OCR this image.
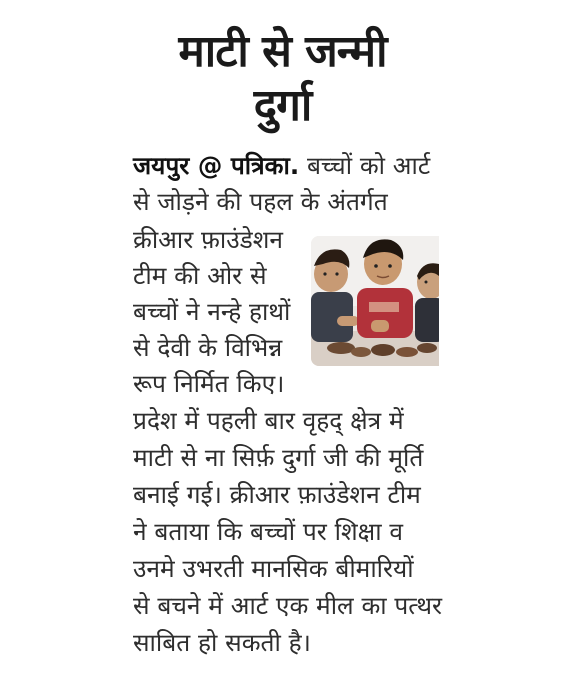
माटी से जन्मी
दुर्गा
जयपुर @ पत्रिका. बच्चों को आर्ट
से जोड़ने की पहल के अंतर्गत
क्रीआर फ़ाउंडेशन
टीम की ओर से
बच्चों ने नन्हे हाथों
से देवी के विभिन्न
रूप निर्मित किए।
प्रदेश में पहली बार वृहद् क्षेत्र में
माटी से ना सिर्फ़ दुर्गा जी की मूर्ति
बनाई गई। क्रीआर फ़ाउंडेशन टीम
ने बताया कि बच्चों पर शिक्षा व
उनमे उभरती मानसिक बीमारियों
से बचने में आर्ट एक मील का पत्थर
साबित हो सकती है।
